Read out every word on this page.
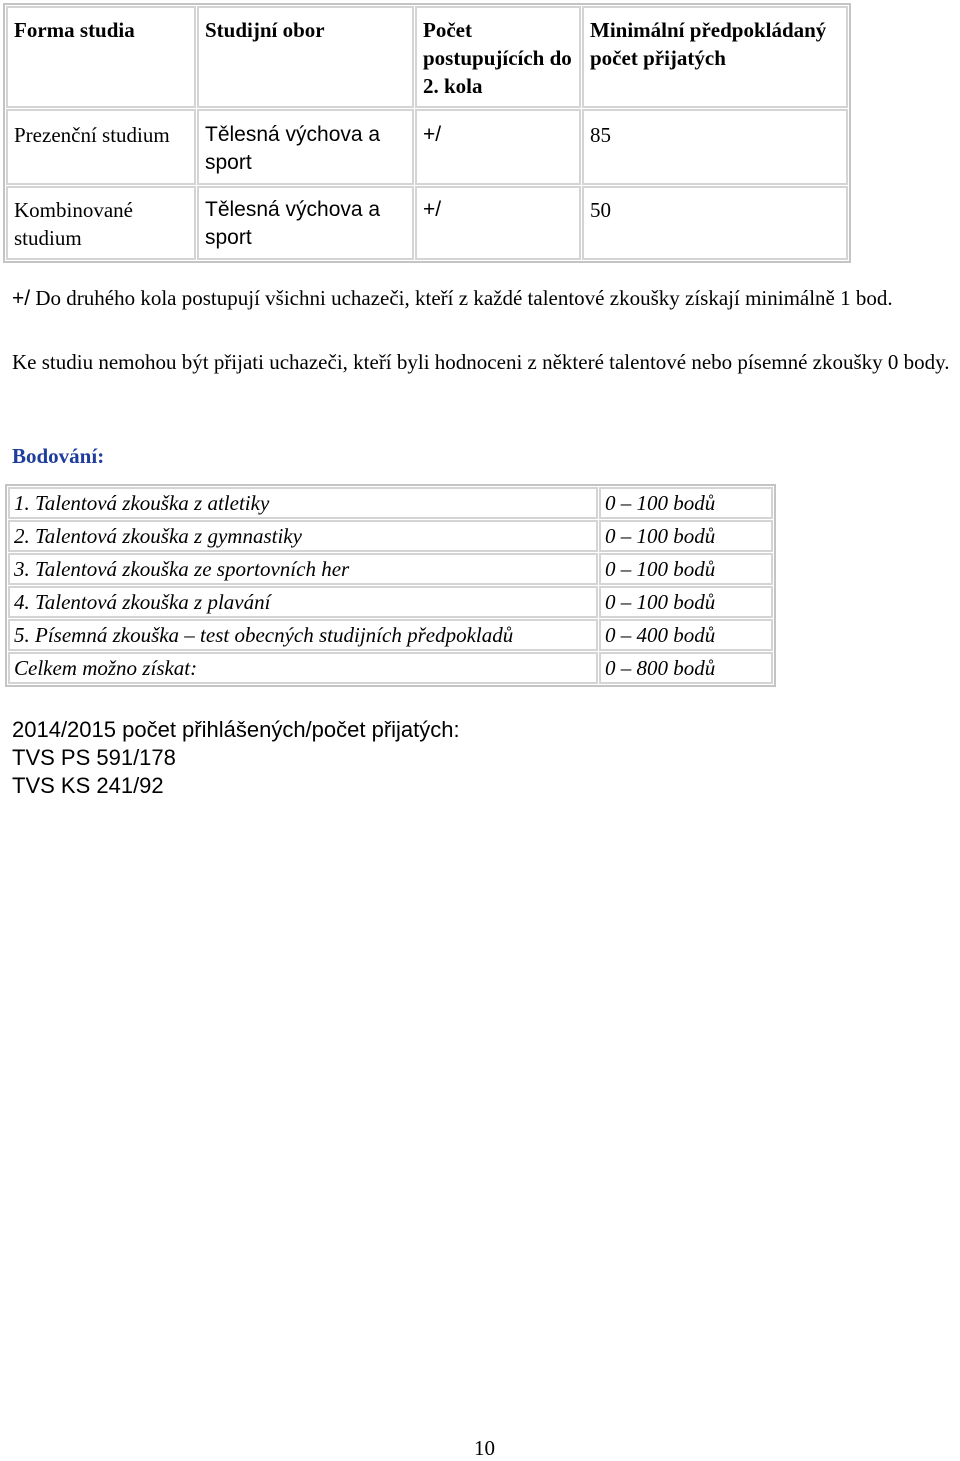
Forma studia	Studijní obor	Počet postupujících do 2. kola	Minimální předpokládaný počet přijatých
Prezenční studium	Tělesná výchova a sport	+/	85
Kombinované studium	Tělesná výchova a sport	+/	50
+/ Do druhého kola postupují všichni uchazeči, kteří z každé talentové zkoušky získají minimálně 1 bod.
Ke studiu nemohou být přijati uchazeči, kteří byli hodnoceni z některé talentové nebo písemné zkoušky 0 body.
Bodování:
1. Talentová zkouška z atletiky	0 – 100 bodů
2. Talentová zkouška z gymnastiky	0 – 100 bodů
3. Talentová zkouška ze sportovních her	0 – 100 bodů
4. Talentová zkouška z plavání	0 – 100 bodů
5. Písemná zkouška – test obecných studijních předpokladů	0 – 400 bodů
Celkem možno získat:	0 – 800 bodů
2014/2015 počet přihlášených/počet přijatých:
TVS PS 591/178
TVS KS 241/92
10
